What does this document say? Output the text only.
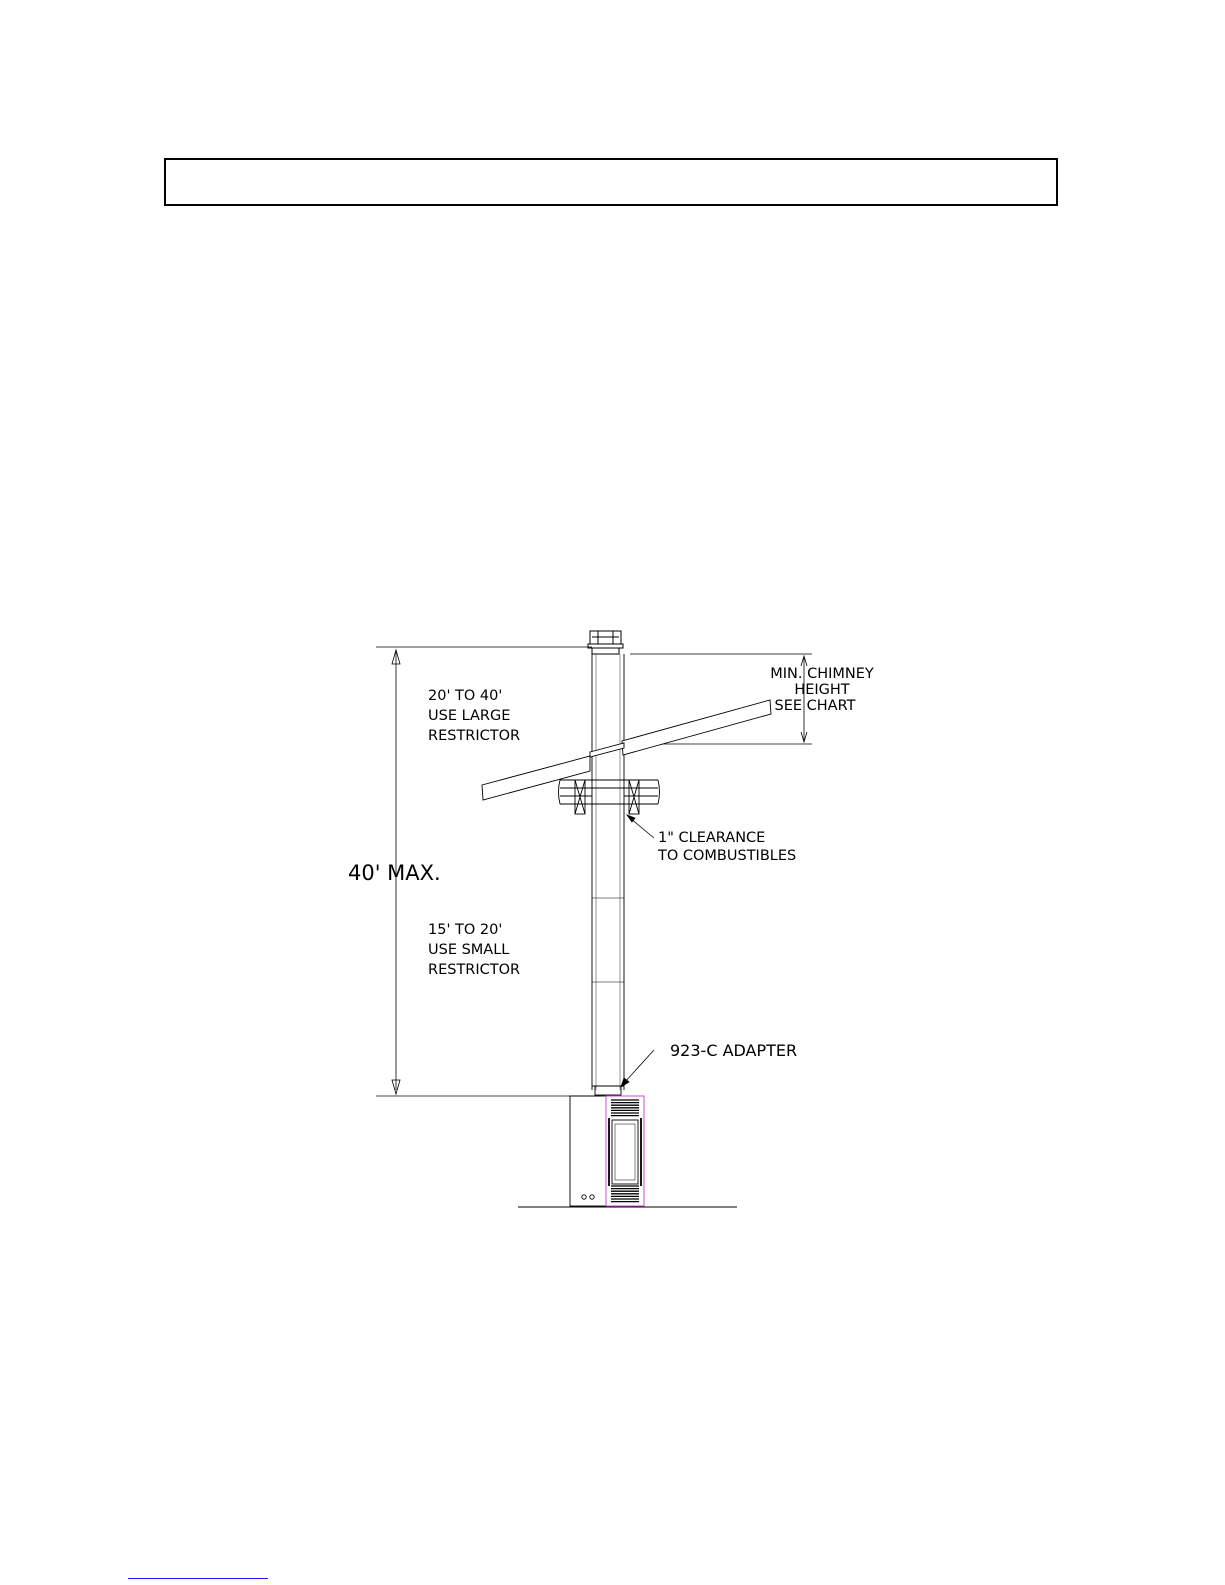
20' TO 40'
USE LARGE
RESTRICTOR
40' MAX.
15' TO 20'
USE SMALL
RESTRICTOR
MIN. CHIMNEY
HEIGHT
SEE CHART
1" CLEARANCE
TO COMBUSTIBLES
923-C ADAPTER
